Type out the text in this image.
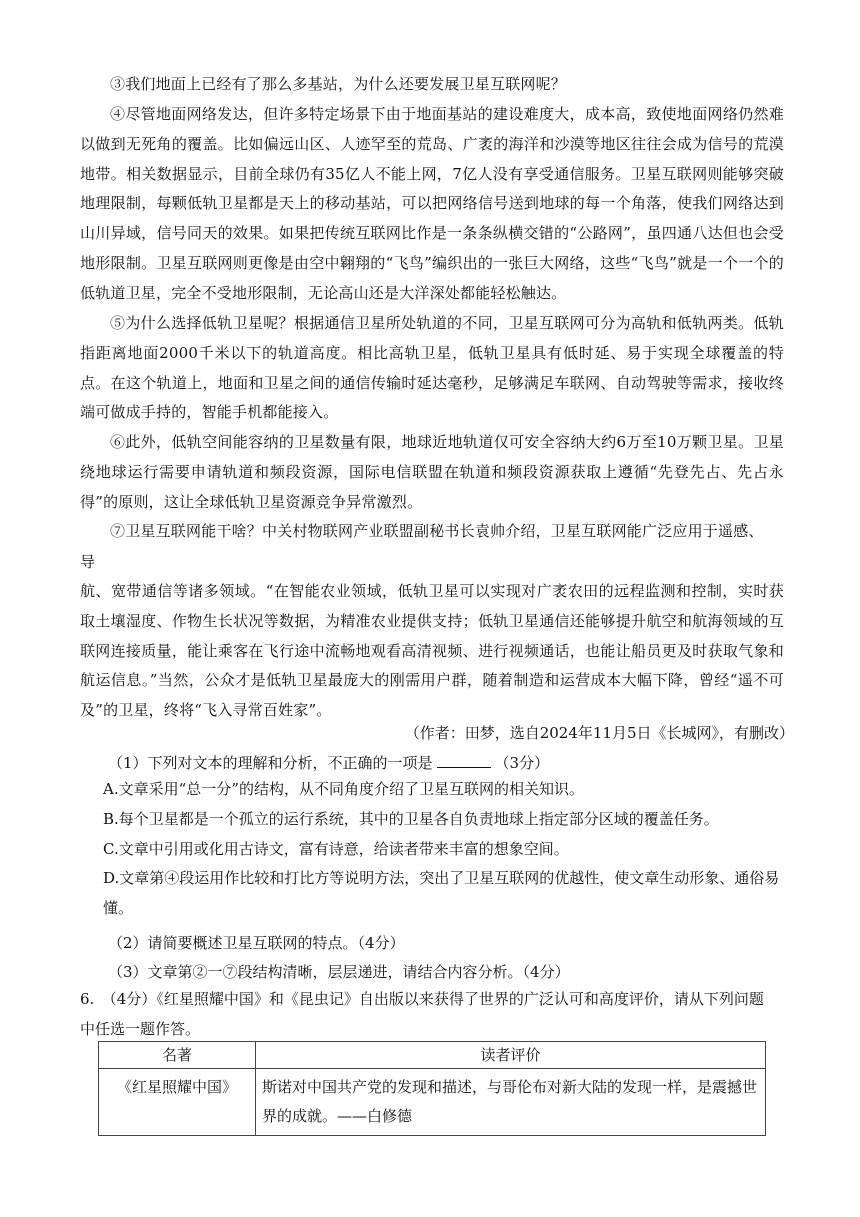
③我们地面上已经有了那么多基站，为什么还要发展卫星互联网呢？

④尽管地面网络发达，但许多特定场景下由于地面基站的建设难度大，成本高，致使地面网络仍然难以做到无死角的覆盖。比如偏远山区、人迹罕至的荒岛、广袤的海洋和沙漠等地区往往会成为信号的荒漠地带。相关数据显示，目前全球仍有35亿人不能上网，7亿人没有享受通信服务。卫星互联网则能够突破地理限制，每颗低轨卫星都是天上的移动基站，可以把网络信号送到地球的每一个角落，使我们网络达到山川异域，信号同天的效果。如果把传统互联网比作是一条条纵横交错的“公路网”，虽四通八达但也会受地形限制。卫星互联网则更像是由空中翱翔的“飞鸟”编织出的一张巨大网络，这些“飞鸟”就是一个一个的低轨道卫星，完全不受地形限制，无论高山还是大洋深处都能轻松触达。

⑤为什么选择低轨卫星呢？根据通信卫星所处轨道的不同，卫星互联网可分为高轨和低轨两类。低轨指距离地面2000千米以下的轨道高度。相比高轨卫星，低轨卫星具有低时延、易于实现全球覆盖的特点。在这个轨道上，地面和卫星之间的通信传输时延达毫秒，足够满足车联网、自动驾驶等需求，接收终端可做成手持的，智能手机都能接入。

⑥此外，低轨空间能容纳的卫星数量有限，地球近地轨道仅可安全容纳大约6万至10万颗卫星。卫星绕地球运行需要申请轨道和频段资源，国际电信联盟在轨道和频段资源获取上遵循“先登先占、先占永得”的原则，这让全球低轨卫星资源竞争异常激烈。

⑦卫星互联网能干啥？中关村物联网产业联盟副秘书长袁帅介绍，卫星互联网能广泛应用于遥感、

导

航、宽带通信等诸多领域。“在智能农业领域，低轨卫星可以实现对广袤农田的远程监测和控制，实时获取土壤湿度、作物生长状况等数据，为精准农业提供支持；低轨卫星通信还能够提升航空和航海领域的互联网连接质量，能让乘客在飞行途中流畅地观看高清视频、进行视频通话，也能让船员更及时获取气象和航运信息。”当然，公众才是低轨卫星最庞大的刚需用户群，随着制造和运营成本大幅下降，曾经“遥不可及”的卫星，终将“飞入寻常百姓家”。

（作者：田梦，选自2024年11月5日《长城网》，有删改）
（1）下列对文本的理解和分析，不正确的一项是	（3分）

A.文章采用“总一分”的结构，从不同角度介绍了卫星互联网的相关知识。

B.每个卫星都是一个孤立的运行系统，其中的卫星各自负责地球上指定部分区域的覆盖任务。

C.文章中引用或化用古诗文，富有诗意，给读者带来丰富的想象空间。

D.文章第④段运用作比较和打比方等说明方法，突出了卫星互联网的优越性，使文章生动形象、通俗易懂。

（2）请简要概述卫星互联网的特点。（4分）
（3）文章第②一⑦段结构清晰，层层递进，请结合内容分析。（4分）

6.　（4分）《红星照耀中国》和《昆虫记》自出版以来获得了世界的广泛认可和高度评价，请从下列问题中任选一题作答。

名著	读者评价
《红星照耀中国》	斯诺对中国共产党的发现和描述，与哥伦布对新大陆的发现一样，是震撼世界的成就。——白修德
